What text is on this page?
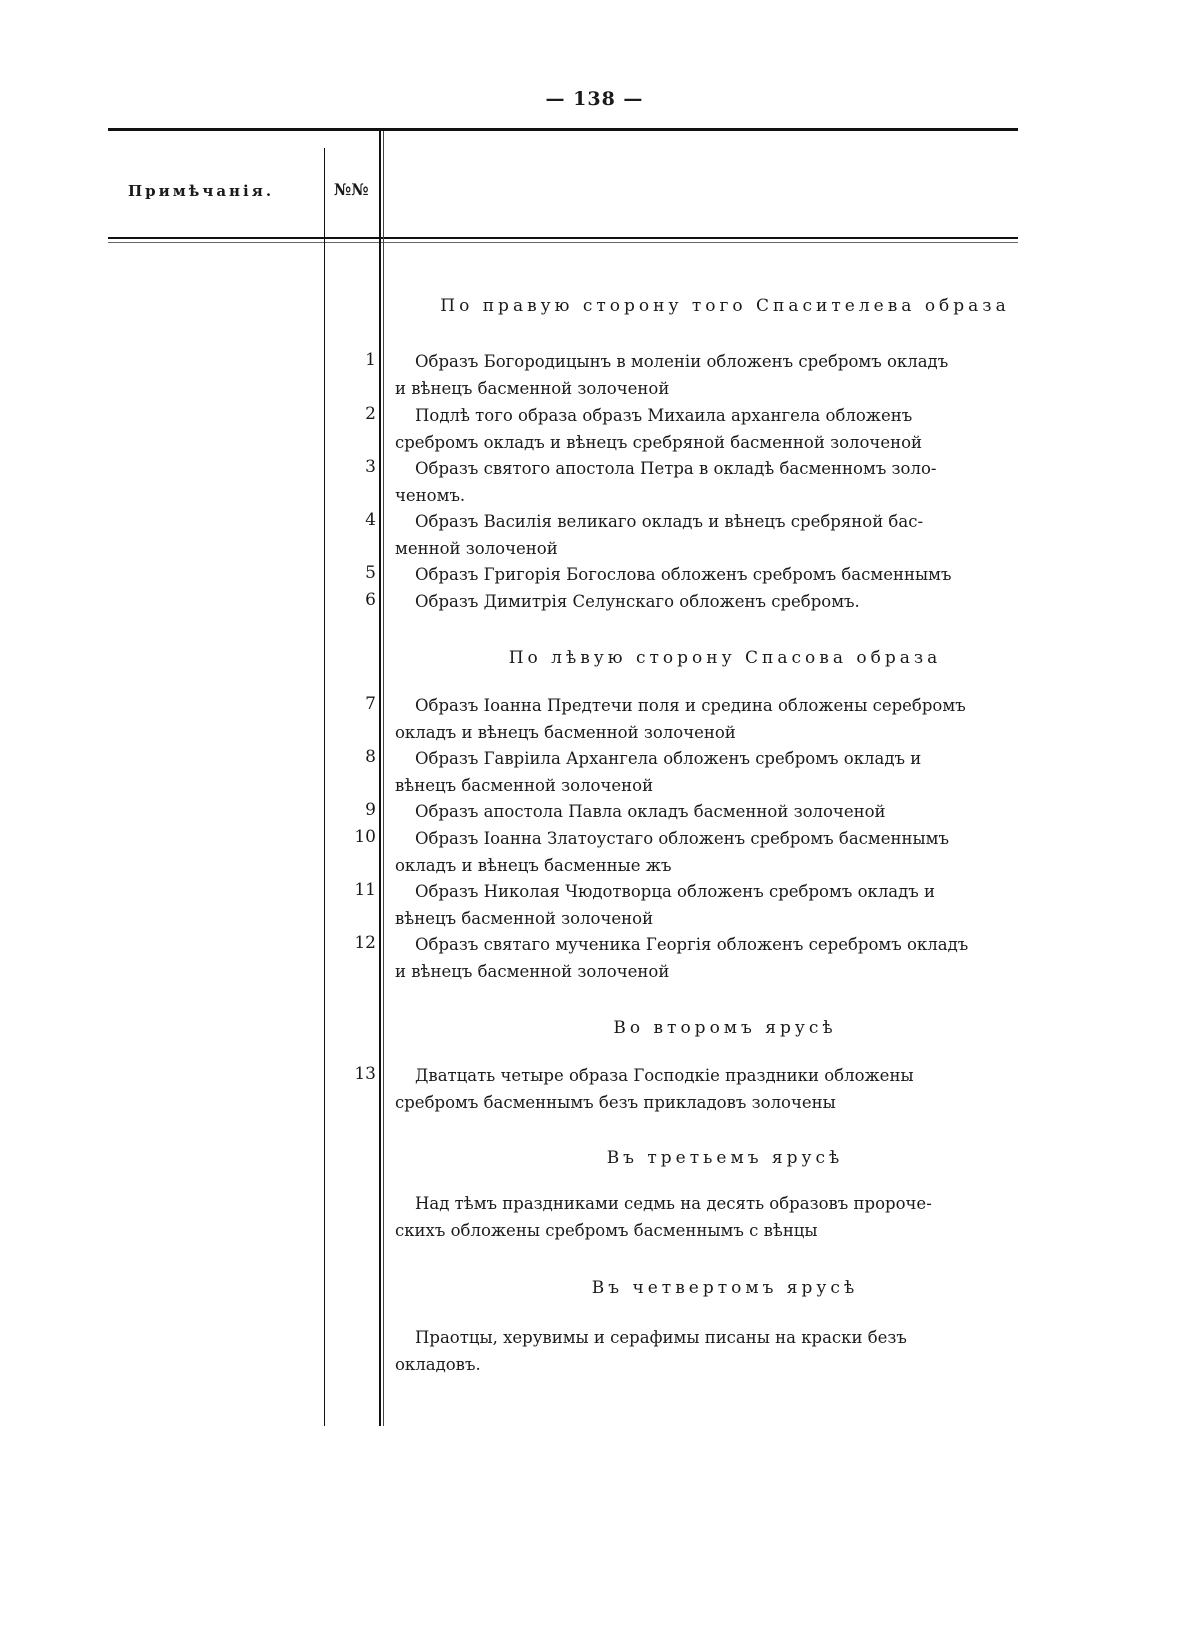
— 138 —
Примѣчанія.	№№
По правую сторону того Спасителева образа
1 Образъ Богородицынъ в моленіи обложенъ сребромъ окладъ
и вѣнецъ басменной золоченой
2 Подлѣ того образа образъ Михаила архангела обложенъ
сребромъ окладъ и вѣнецъ сребряной басменной золоченой
3 Образъ святого апостола Петра в окладѣ басменномъ золо-
ченомъ.
4 Образъ Василія великаго окладъ и вѣнецъ сребряной бас-
менной золоченой
5 Образъ Григорія Богослова обложенъ сребромъ басменнымъ
6 Образъ Димитрія Селунскаго обложенъ сребромъ.
По лѣвую сторону Спасова образа
7 Образъ Іоанна Предтечи поля и средина обложены серебромъ
окладъ и вѣнецъ басменной золоченой
8 Образъ Гавріила Архангела обложенъ сребромъ окладъ и
вѣнецъ басменной золоченой
9 Образъ апостола Павла окладъ басменной золоченой
10 Образъ Іоанна Златоустаго обложенъ сребромъ басменнымъ
окладъ и вѣнецъ басменные жъ
11 Образъ Николая Чюдотворца обложенъ сребромъ окладъ и
вѣнецъ басменной золоченой
12 Образъ святаго мученика Георгія обложенъ серебромъ окладъ
и вѣнецъ басменной золоченой
Во второмъ ярусѣ
13 Дватцать четыре образа Господкіе праздники обложены
сребромъ басменнымъ безъ прикладовъ золочены
Въ третьемъ ярусѣ
Над тѣмъ праздниками седмь на десять образовъ пророче-
скихъ обложены сребромъ басменнымъ с вѣнцы
Въ четвертомъ ярусѣ
Праотцы, херувимы и серафимы писаны на краски безъ
окладовъ.
